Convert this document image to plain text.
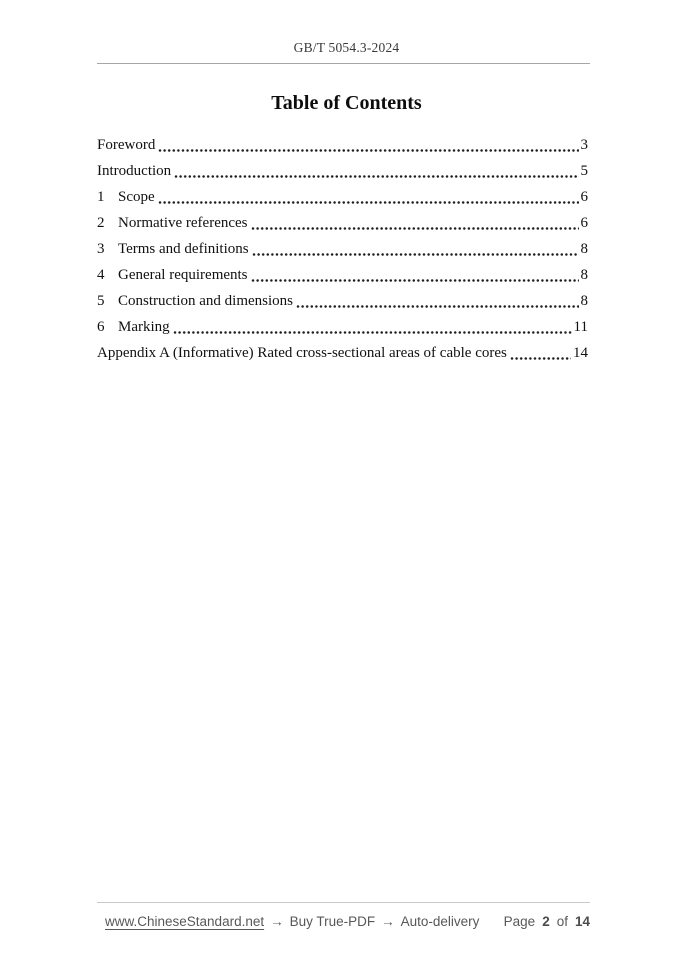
GB/T 5054.3-2024
Table of Contents
Foreword	3
Introduction	5
1 Scope	6
2 Normative references	6
3 Terms and definitions	8
4 General requirements	8
5 Construction and dimensions	8
6 Marking	11
Appendix A (Informative) Rated cross-sectional areas of cable cores	14
www.ChineseStandard.net → Buy True-PDF → Auto-delivery Page 2 of 14
